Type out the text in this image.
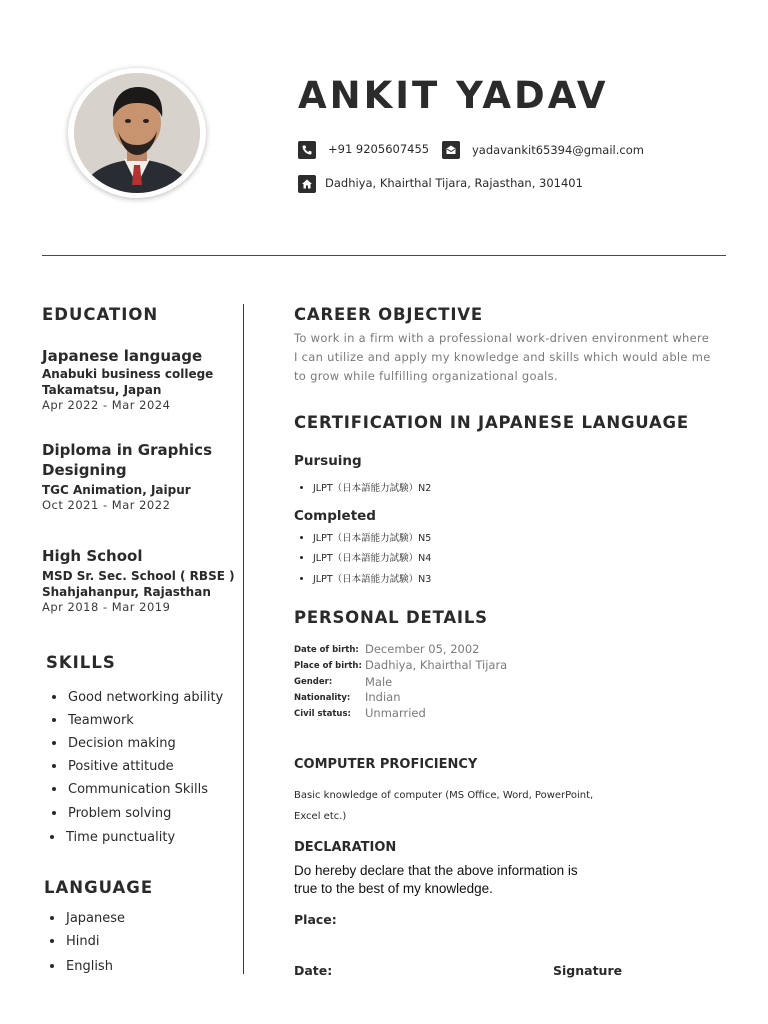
ANKIT YADAV
+91 9205607455	yadavankit65394@gmail.com
Dadhiya, Khairthal Tijara, Rajasthan, 301401
EDUCATION
Japanese language
Anabuki business college
Takamatsu, Japan
Apr 2022 - Mar 2024
Diploma in Graphics
Designing
TGC Animation, Jaipur
Oct 2021 - Mar 2022
High School
MSD Sr. Sec. School ( RBSE )
Shahjahanpur, Rajasthan
Apr 2018 - Mar 2019
SKILLS
Good networking ability
Teamwork
Decision making
Positive attitude
Communication Skills
Problem solving
Time punctuality
LANGUAGE
Japanese
Hindi
English
CAREER OBJECTIVE
To work in a firm with a professional work-driven environment where
I can utilize and apply my knowledge and skills which would able me
to grow while fulfilling organizational goals.
CERTIFICATION IN JAPANESE LANGUAGE
Pursuing
JLPT（日本語能力試験）N2
Completed
JLPT（日本語能力試験）N5
JLPT（日本語能力試験）N4
JLPT（日本語能力試験）N3
PERSONAL DETAILS
Date of birth: December 05, 2002
Place of birth: Dadhiya, Khairthal Tijara
Gender:	Male
Nationality: Indian
Civil status: Unmarried
COMPUTER PROFICIENCY
Basic knowledge of computer (MS Office, Word, PowerPoint,
Excel etc.)
DECLARATION
Do hereby declare that the above information is
true to the best of my knowledge.
Place:
Date:	Signature
